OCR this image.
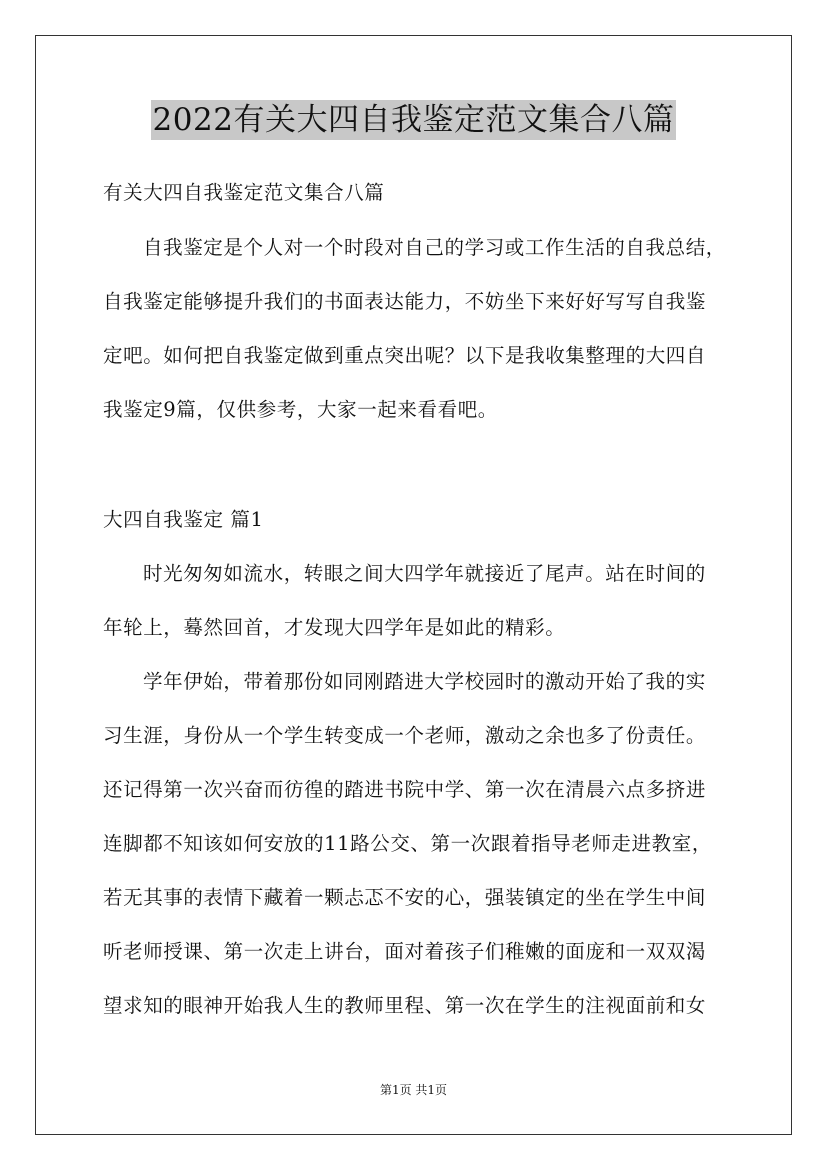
2022有关大四自我鉴定范文集合八篇
有关大四自我鉴定范文集合八篇
自我鉴定是个人对一个时段对自己的学习或工作生活的自我总结，
自我鉴定能够提升我们的书面表达能力，不妨坐下来好好写写自我鉴
定吧。如何把自我鉴定做到重点突出呢？以下是我收集整理的大四自
我鉴定9篇，仅供参考，大家一起来看看吧。
大四自我鉴定 篇1
时光匆匆如流水，转眼之间大四学年就接近了尾声。站在时间的
年轮上，蓦然回首，才发现大四学年是如此的精彩。
学年伊始，带着那份如同刚踏进大学校园时的激动开始了我的实
习生涯，身份从一个学生转变成一个老师，激动之余也多了份责任。
还记得第一次兴奋而彷徨的踏进书院中学、第一次在清晨六点多挤进
连脚都不知该如何安放的11路公交、第一次跟着指导老师走进教室，
若无其事的表情下藏着一颗忐忑不安的心，强装镇定的坐在学生中间
听老师授课、第一次走上讲台，面对着孩子们稚嫩的面庞和一双双渴
望求知的眼神开始我人生的教师里程、第一次在学生的注视面前和女
第1页 共1页
